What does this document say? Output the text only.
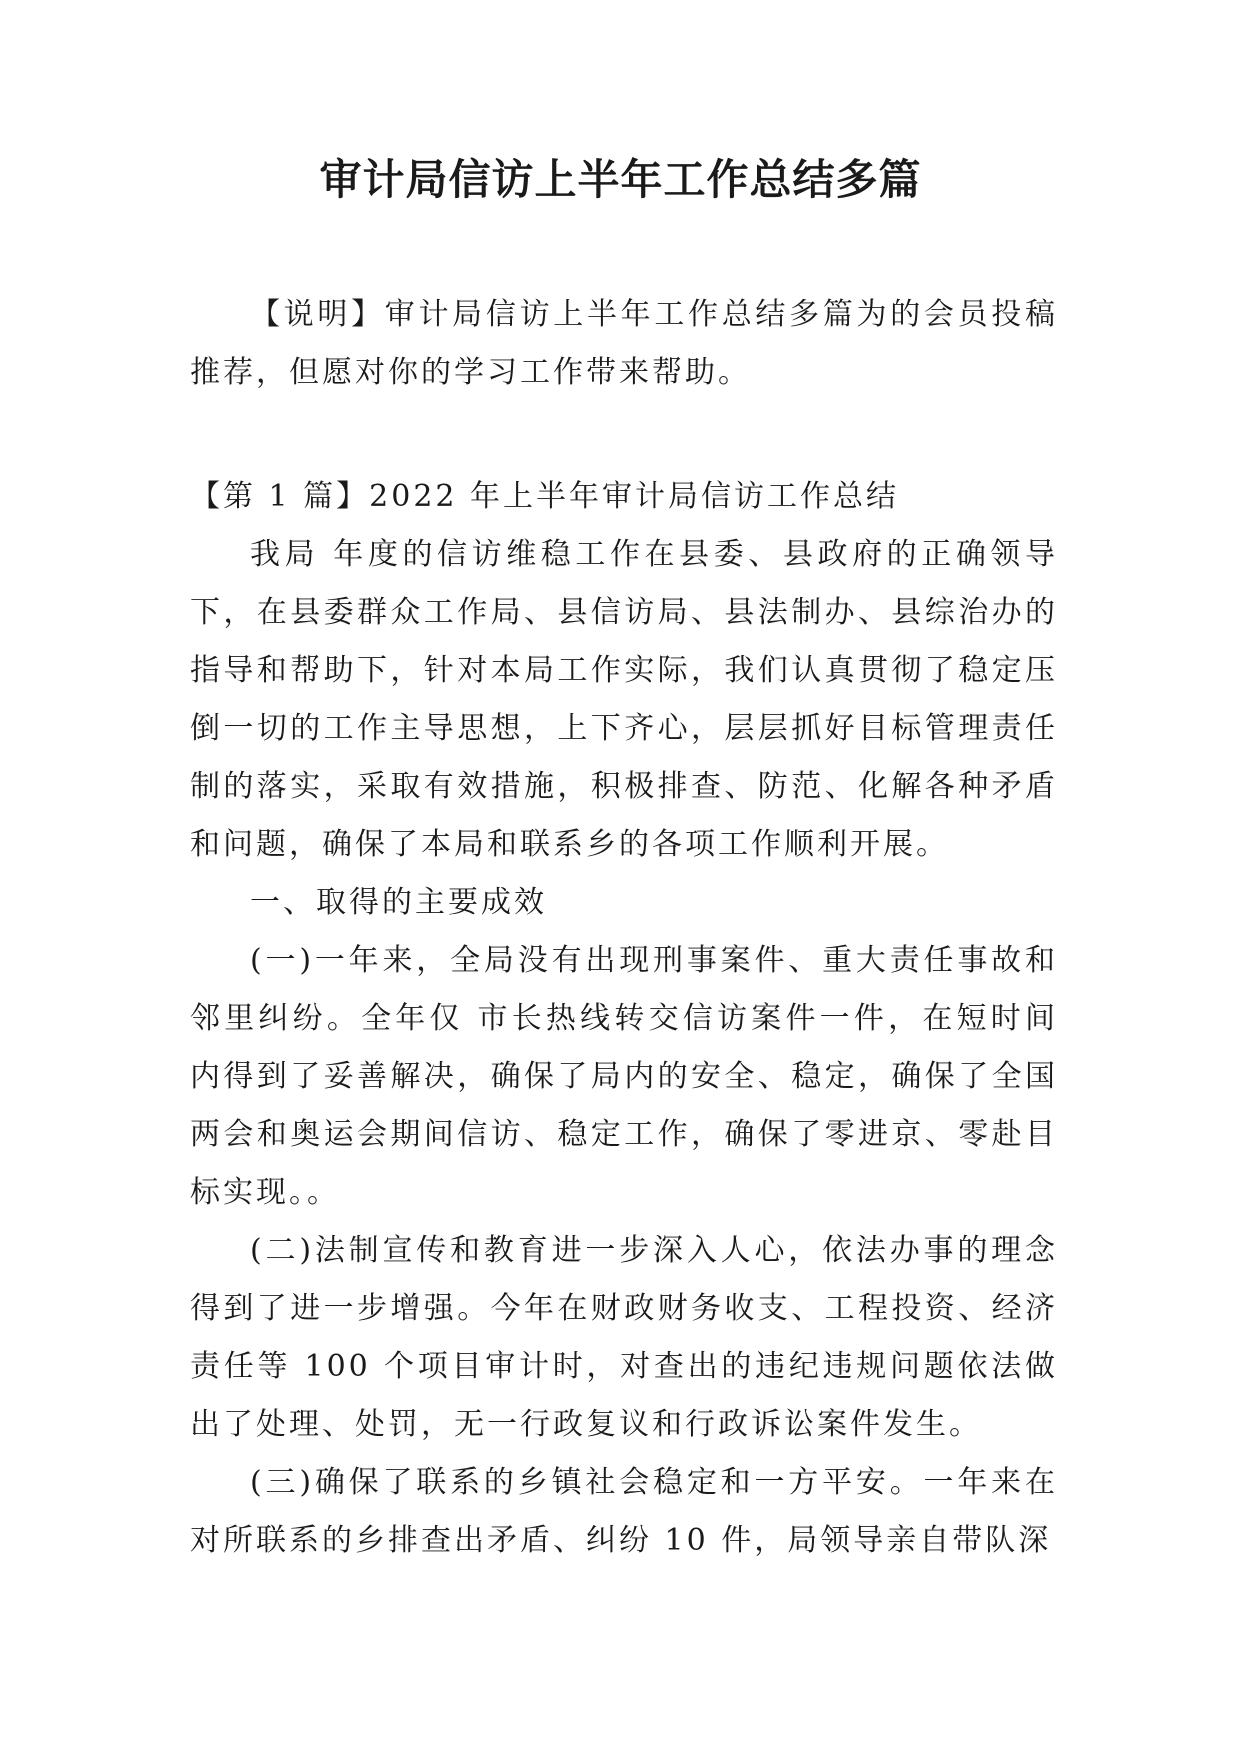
审计局信访上半年工作总结多篇

【说明】审计局信访上半年工作总结多篇为的会员投稿推荐，但愿对你的学习工作带来帮助。

【第 1 篇】2022 年上半年审计局信访工作总结

我局 年度的信访维稳工作在县委、县政府的正确领导下，在县委群众工作局、县信访局、县法制办、县综治办的指导和帮助下，针对本局工作实际，我们认真贯彻了稳定压倒一切的工作主导思想，上下齐心，层层抓好目标管理责任制的落实，采取有效措施，积极排查、防范、化解各种矛盾和问题，确保了本局和联系乡的各项工作顺利开展。

一、取得的主要成效

(一)一年来，全局没有出现刑事案件、重大责任事故和邻里纠纷。全年仅 市长热线转交信访案件一件，在短时间内得到了妥善解决，确保了局内的安全、稳定，确保了全国两会和奥运会期间信访、稳定工作，确保了零进京、零赴目标实现。。

(二)法制宣传和教育进一步深入人心，依法办事的理念得到了进一步增强。今年在财政财务收支、工程投资、经济责任等 100 个项目审计时，对查出的违纪违规问题依法做出了处理、处罚，无一行政复议和行政诉讼案件发生。

(三)确保了联系的乡镇社会稳定和一方平安。一年来在对所联系的乡排查出矛盾、纠纷 10 件，局领导亲自带队深
